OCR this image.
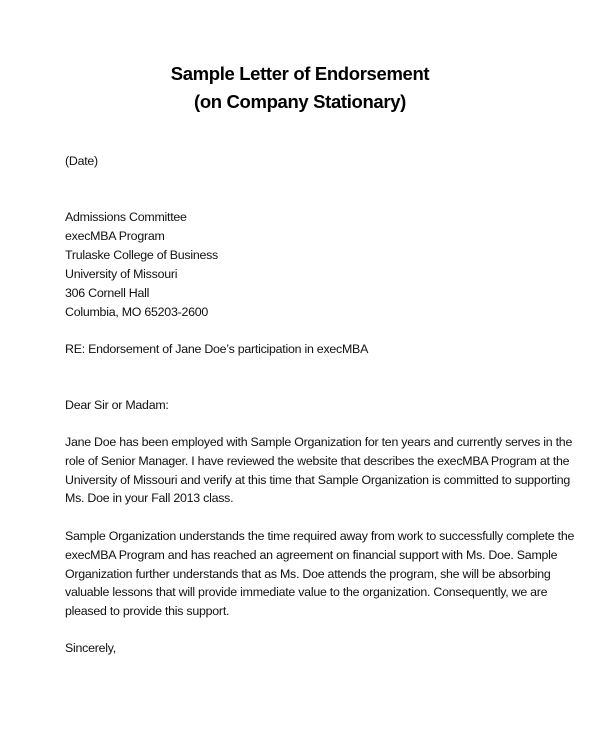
Sample Letter of Endorsement
(on Company Stationary)
(Date)
Admissions Committee
execMBA Program
Trulaske College of Business
University of Missouri
306 Cornell Hall
Columbia, MO 65203-2600
RE: Endorsement of Jane Doe’s participation in execMBA
Dear Sir or Madam:
Jane Doe has been employed with Sample Organization for ten years and currently serves in the
role of Senior Manager. I have reviewed the website that describes the execMBA Program at the
University of Missouri and verify at this time that Sample Organization is committed to supporting
Ms. Doe in your Fall 2013 class.
Sample Organization understands the time required away from work to successfully complete the
execMBA Program and has reached an agreement on financial support with Ms. Doe. Sample
Organization further understands that as Ms. Doe attends the program, she will be absorbing
valuable lessons that will provide immediate value to the organization. Consequently, we are
pleased to provide this support.
Sincerely,
